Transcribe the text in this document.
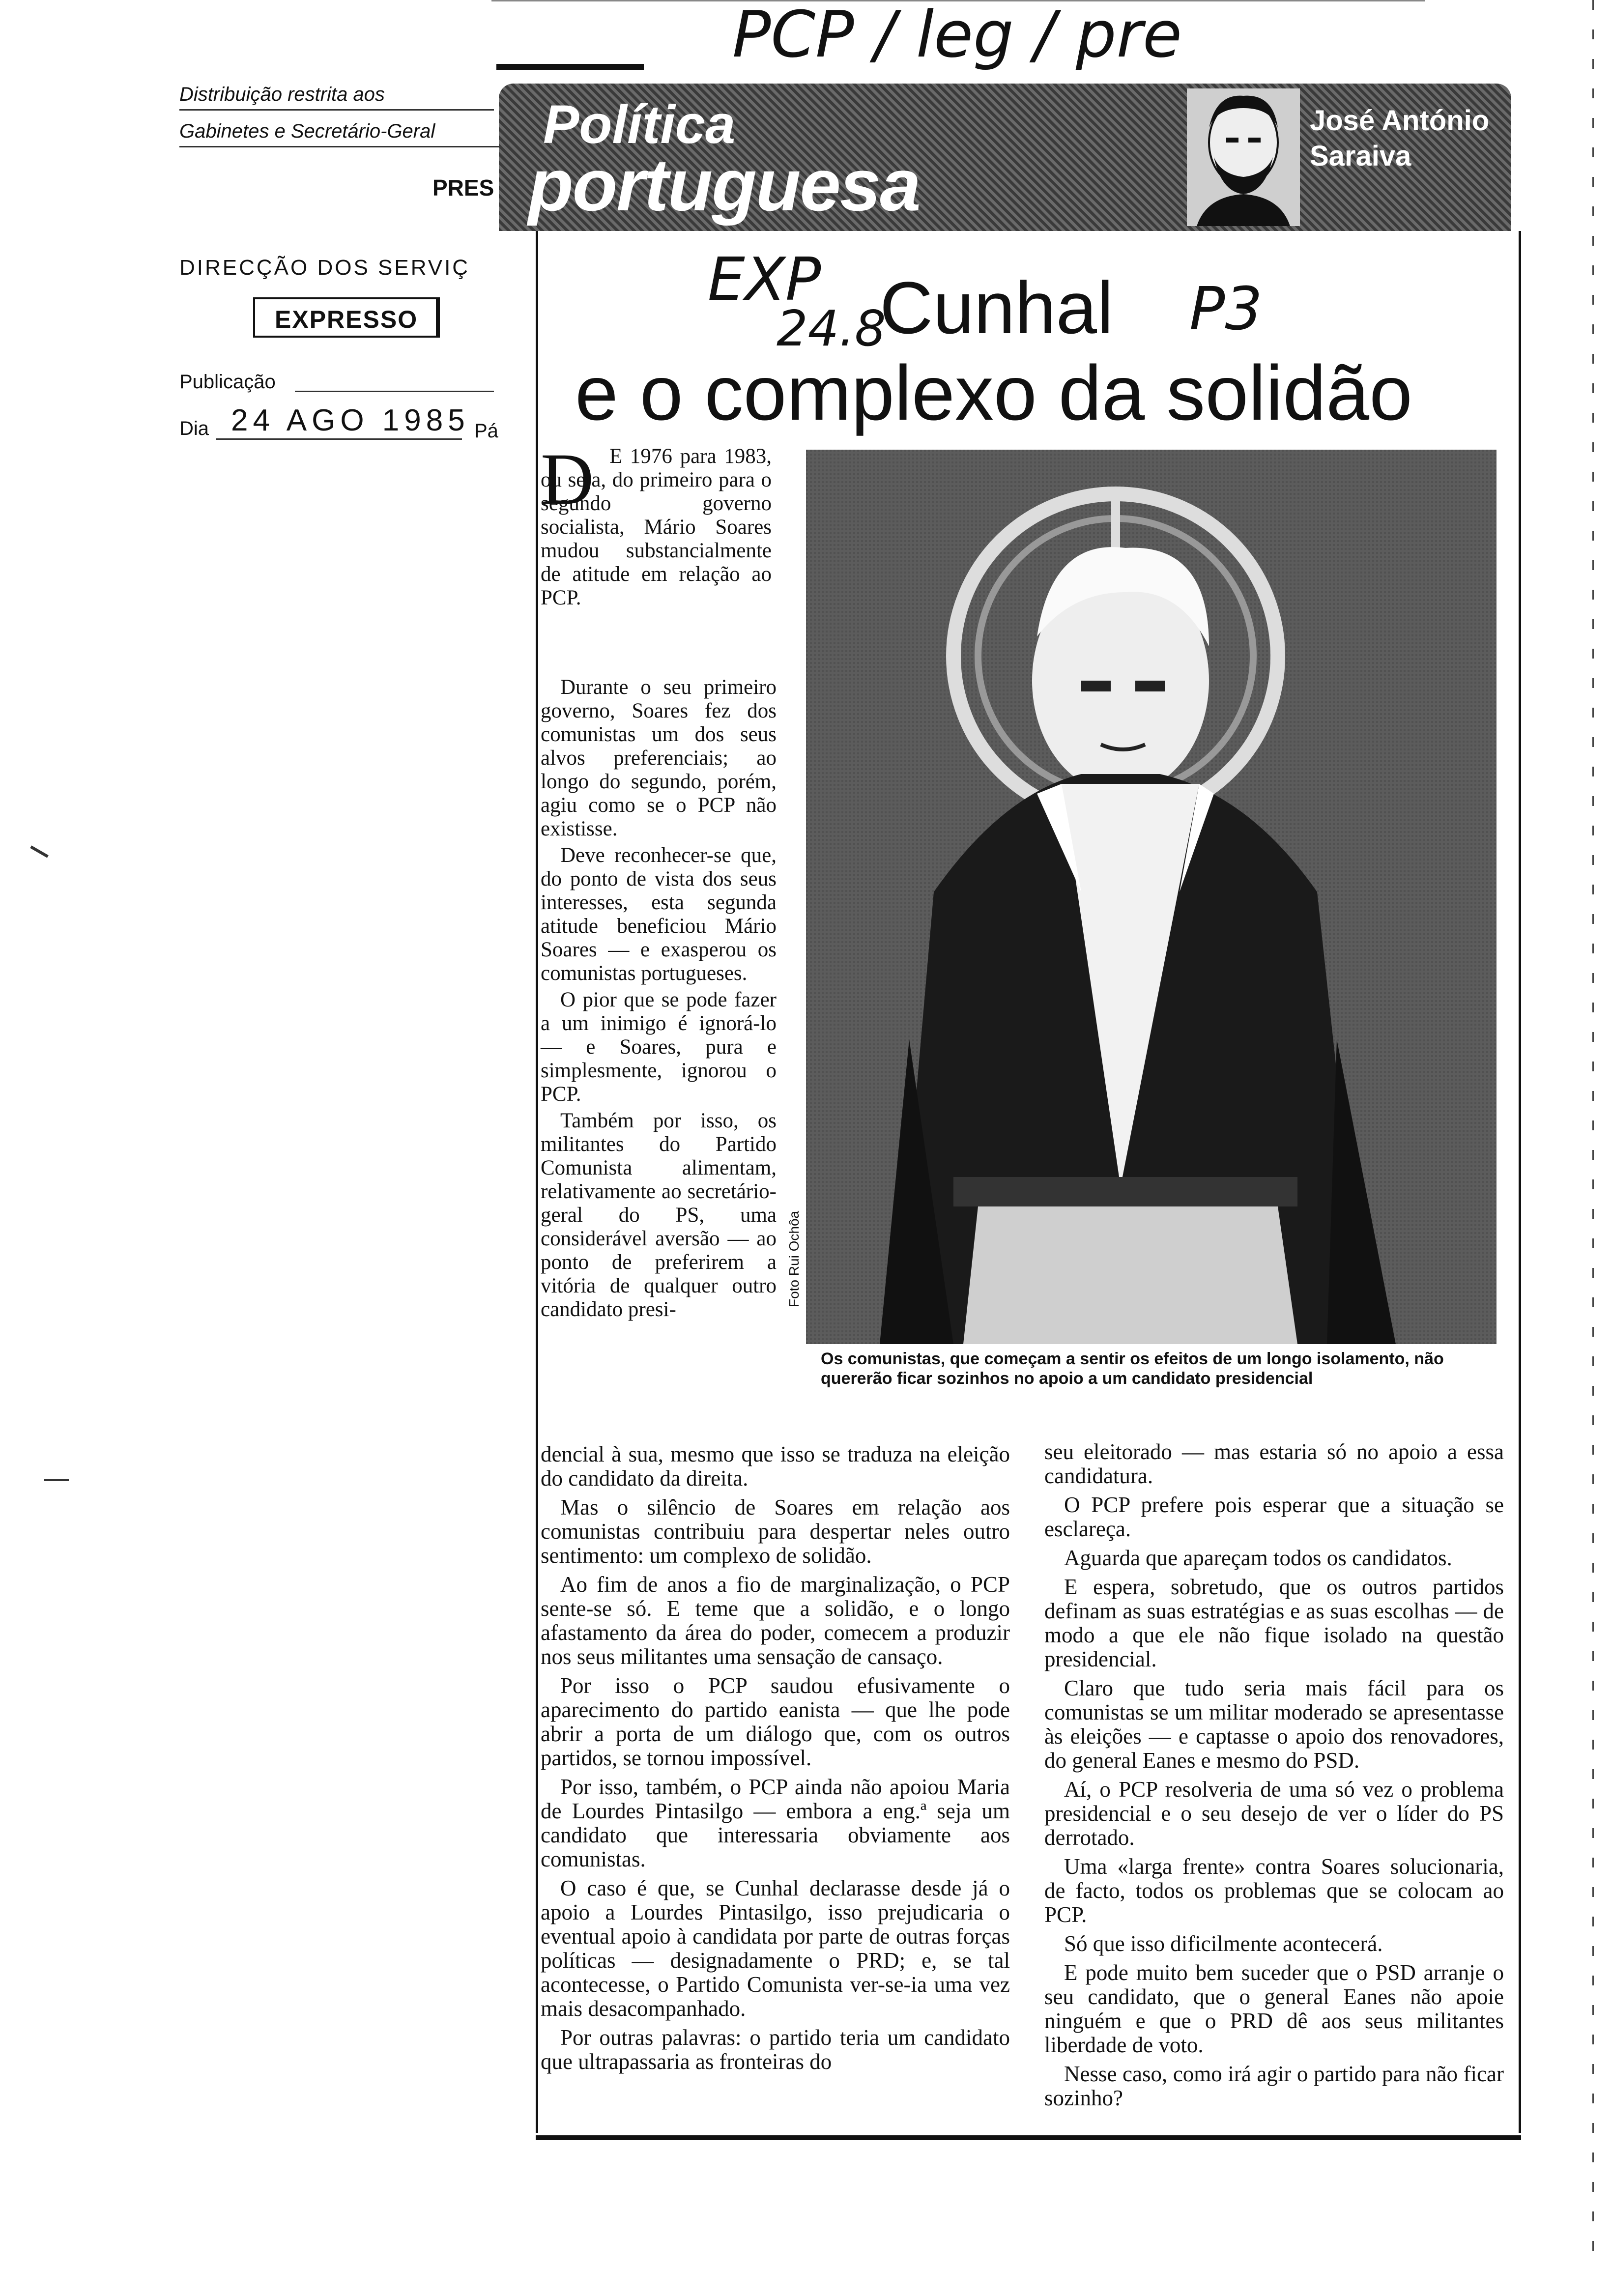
PCP / leg / pre
Distribuição restrita aos
Gabinetes e Secretário-Geral
PRES
DIRECÇÃO DOS SERVIÇ
EXPRESSO
Publicação
Dia 24 AGO 1985 Pá
Política
portuguesa
José António Saraiva
EXP
24.8	P3
Cunhal
e o complexo da solidão
D E 1976 para 1983, ou seja, do primeiro para o segundo governo socialista, Mário Soares mudou substancialmente de atitude em relação ao PCP.

Durante o seu primeiro governo, Soares fez dos comunistas um dos seus alvos preferenciais; ao longo do segundo, porém, agiu como se o PCP não existisse.

Deve reconhecer-se que, do ponto de vista dos seus interesses, esta segunda atitude beneficiou Mário Soares — e exasperou os comunistas portugueses.

O pior que se pode fazer a um inimigo é ignorá-lo — e Soares, pura e simplesmente, ignorou o PCP.

Também por isso, os militantes do Partido Comunista alimentam, relativamente ao secretário-geral do PS, uma considerável aversão — ao ponto de preferirem a vitória de qualquer outro candidato presi-

Foto Rui Ochôa
Os comunistas, que começam a sentir os efeitos de um longo isolamento, não quererão ficar sozinhos no apoio a um candidato presidencial

dencial à sua, mesmo que isso se traduza na eleição do candidato da direita.

Mas o silêncio de Soares em relação aos comunistas contribuiu para despertar neles outro sentimento: um complexo de solidão.

Ao fim de anos a fio de marginalização, o PCP sente-se só. E teme que a solidão, e o longo afastamento da área do poder, comecem a produzir nos seus militantes uma sensação de cansaço.

Por isso o PCP saudou efusivamente o aparecimento do partido eanista — que lhe pode abrir a porta de um diálogo que, com os outros partidos, se tornou impossível.

Por isso, também, o PCP ainda não apoiou Maria de Lourdes Pintasilgo — embora a eng.ª seja um candidato que interessaria obviamente aos comunistas.

O caso é que, se Cunhal declarasse desde já o apoio a Lourdes Pintasilgo, isso prejudicaria o eventual apoio à candidata por parte de outras forças políticas — designadamente o PRD; e, se tal acontecesse, o Partido Comunista ver-se-ia uma vez mais desacompanhado.

Por outras palavras: o partido teria um candidato que ultrapassaria as fronteiras do

seu eleitorado — mas estaria só no apoio a essa candidatura.

O PCP prefere pois esperar que a situação se esclareça.

Aguarda que apareçam todos os candidatos.

E espera, sobretudo, que os outros partidos definam as suas estratégias e as suas escolhas — de modo a que ele não fique isolado na questão presidencial.

Claro que tudo seria mais fácil para os comunistas se um militar moderado se apresentasse às eleições — e captasse o apoio dos renovadores, do general Eanes e mesmo do PSD.

Aí, o PCP resolveria de uma só vez o problema presidencial e o seu desejo de ver o líder do PS derrotado.

Uma «larga frente» contra Soares solucionaria, de facto, todos os problemas que se colocam ao PCP.

Só que isso dificilmente acontecerá.

E pode muito bem suceder que o PSD arranje o seu candidato, que o general Eanes não apoie ninguém e que o PRD dê aos seus militantes liberdade de voto.

Nesse caso, como irá agir o partido para não ficar sozinho?
